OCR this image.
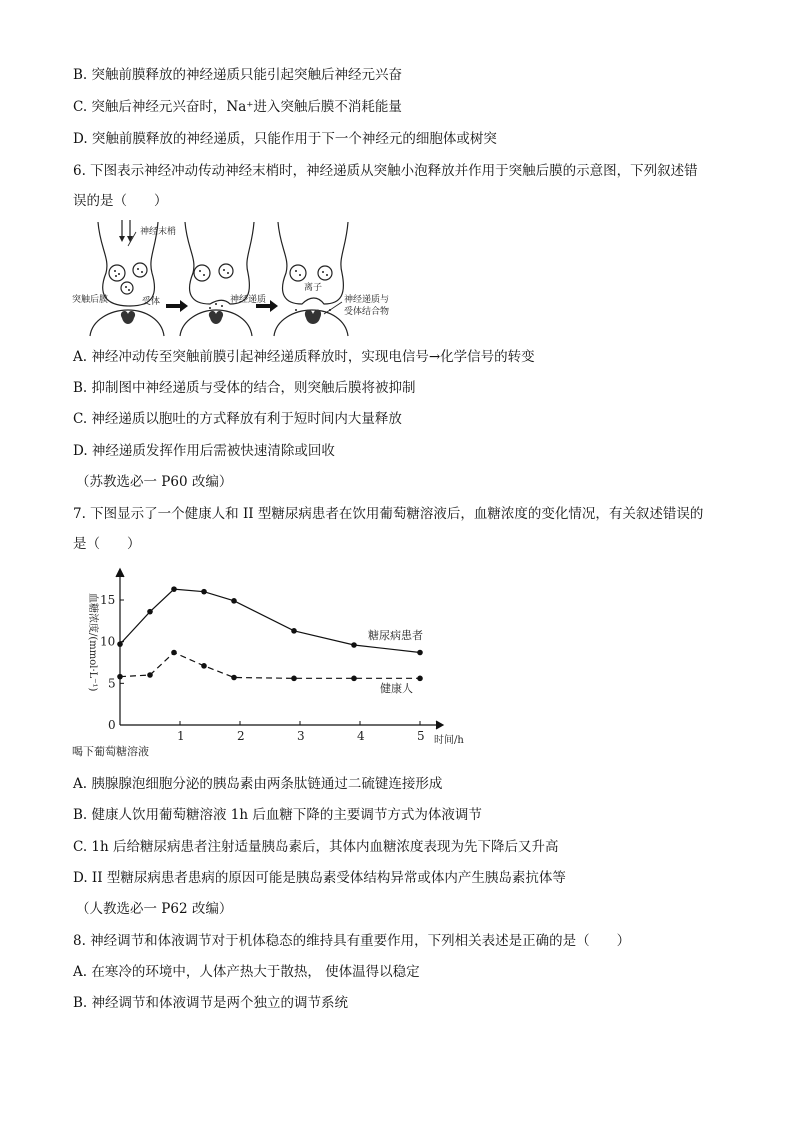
B. 突触前膜释放的神经递质只能引起突触后神经元兴奋
C. 突触后神经元兴奋时，Na⁺进入突触后膜不消耗能量
D. 突触前膜释放的神经递质，只能作用于下一个神经元的细胞体或树突
6. 下图表示神经冲动传动神经末梢时，神经递质从突触小泡释放并作用于突触后膜的示意图，下列叙述错
误的是（　　）
神经末梢
突触后膜	受体	神经递质
离子
神经递质与
受体结合物
A. 神经冲动传至突触前膜引起神经递质释放时，实现电信号→化学信号的转变
B. 抑制图中神经递质与受体的结合，则突触后膜将被抑制
C. 神经递质以胞吐的方式释放有利于短时间内大量释放
D. 神经递质发挥作用后需被快速清除或回收
（苏教选必一 P60 改编）
7. 下图显示了一个健康人和 II 型糖尿病患者在饮用葡萄糖溶液后，血糖浓度的变化情况，有关叙述错误的
是（　　）
1	2	3	4	5
0
5
10
15
血糖浓度/(mmol·L⁻¹)
时间/h
喝下葡萄糖溶液
糖尿病患者
健康人
A. 胰腺腺泡细胞分泌的胰岛素由两条肽链通过二硫键连接形成
B. 健康人饮用葡萄糖溶液 1h 后血糖下降的主要调节方式为体液调节
C. 1h 后给糖尿病患者注射适量胰岛素后，其体内血糖浓度表现为先下降后又升高
D. II 型糖尿病患者患病的原因可能是胰岛素受体结构异常或体内产生胰岛素抗体等
（人教选必一 P62 改编）
8. 神经调节和体液调节对于机体稳态的维持具有重要作用，下列相关表述是正确的是（　　）
A. 在寒冷的环境中，人体产热大于散热， 使体温得以稳定
B. 神经调节和体液调节是两个独立的调节系统
